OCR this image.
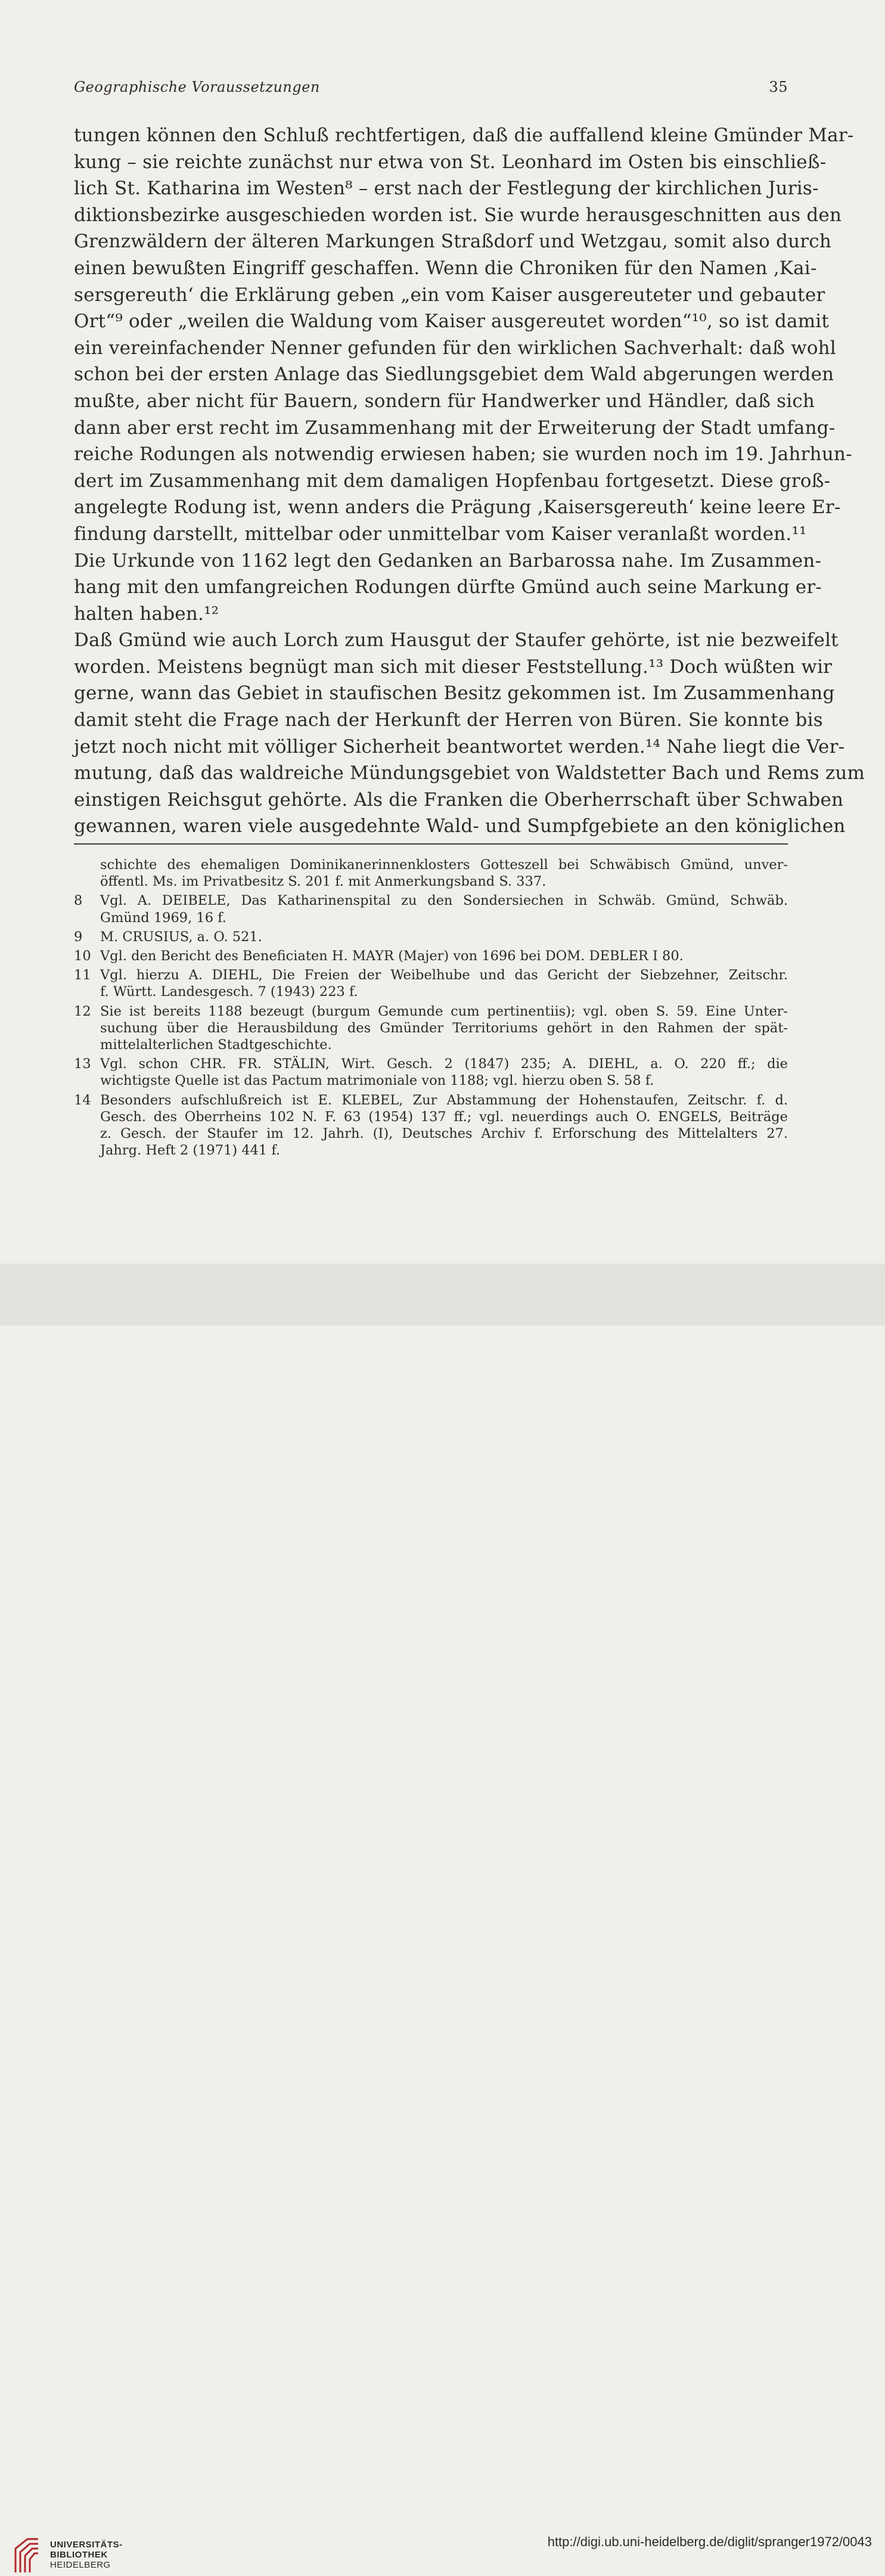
Geographische Voraussetzungen	35
tungen können den Schluß rechtfertigen, daß die auffallend kleine Gmünder Mar-
kung – sie reichte zunächst nur etwa von St. Leonhard im Osten bis einschließ-
lich St. Katharina im Westen⁸ – erst nach der Festlegung der kirchlichen Juris-
diktionsbezirke ausgeschieden worden ist. Sie wurde herausgeschnitten aus den
Grenzwäldern der älteren Markungen Straßdorf und Wetzgau, somit also durch
einen bewußten Eingriff geschaffen. Wenn die Chroniken für den Namen ‚Kai-
sersgereuth‘ die Erklärung geben „ein vom Kaiser ausgereuteter und gebauter
Ort“⁹ oder „weilen die Waldung vom Kaiser ausgereutet worden“¹⁰, so ist damit
ein vereinfachender Nenner gefunden für den wirklichen Sachverhalt: daß wohl
schon bei der ersten Anlage das Siedlungsgebiet dem Wald abgerungen werden
mußte, aber nicht für Bauern, sondern für Handwerker und Händler, daß sich
dann aber erst recht im Zusammenhang mit der Erweiterung der Stadt umfang-
reiche Rodungen als notwendig erwiesen haben; sie wurden noch im 19. Jahrhun-
dert im Zusammenhang mit dem damaligen Hopfenbau fortgesetzt. Diese groß-
angelegte Rodung ist, wenn anders die Prägung ‚Kaisersgereuth‘ keine leere Er-
findung darstellt, mittelbar oder unmittelbar vom Kaiser veranlaßt worden.¹¹
Die Urkunde von 1162 legt den Gedanken an Barbarossa nahe. Im Zusammen-
hang mit den umfangreichen Rodungen dürfte Gmünd auch seine Markung er-
halten haben.¹²
Daß Gmünd wie auch Lorch zum Hausgut der Staufer gehörte, ist nie bezweifelt
worden. Meistens begnügt man sich mit dieser Feststellung.¹³ Doch wüßten wir
gerne, wann das Gebiet in staufischen Besitz gekommen ist. Im Zusammenhang
damit steht die Frage nach der Herkunft der Herren von Büren. Sie konnte bis
jetzt noch nicht mit völliger Sicherheit beantwortet werden.¹⁴ Nahe liegt die Ver-
mutung, daß das waldreiche Mündungsgebiet von Waldstetter Bach und Rems zum
einstigen Reichsgut gehörte. Als die Franken die Oberherrschaft über Schwaben
gewannen, waren viele ausgedehnte Wald- und Sumpfgebiete an den königlichen
schichte des ehemaligen Dominikanerinnenklosters Gotteszell bei Schwäbisch Gmünd, unver-
öffentl. Ms. im Privatbesitz S. 201 f. mit Anmerkungsband S. 337.
8 Vgl. A. DEIBELE, Das Katharinenspital zu den Sondersiechen in Schwäb. Gmünd, Schwäb.
Gmünd 1969, 16 f.
9 M. CRUSIUS, a. O. 521.
10 Vgl. den Bericht des Beneficiaten H. MAYR (Majer) von 1696 bei DOM. DEBLER I 80.
11 Vgl. hierzu A. DIEHL, Die Freien der Weibelhube und das Gericht der Siebzehner, Zeitschr.
f. Württ. Landesgesch. 7 (1943) 223 f.
12 Sie ist bereits 1188 bezeugt (burgum Gemunde cum pertinentiis); vgl. oben S. 59. Eine Unter-
suchung über die Herausbildung des Gmünder Territoriums gehört in den Rahmen der spät-
mittelalterlichen Stadtgeschichte.
13 Vgl. schon CHR. FR. STÄLIN, Wirt. Gesch. 2 (1847) 235; A. DIEHL, a. O. 220 ff.; die
wichtigste Quelle ist das Pactum matrimoniale von 1188; vgl. hierzu oben S. 58 f.
14 Besonders aufschlußreich ist E. KLEBEL, Zur Abstammung der Hohenstaufen, Zeitschr. f. d.
Gesch. des Oberrheins 102 N. F. 63 (1954) 137 ff.; vgl. neuerdings auch O. ENGELS, Beiträge
z. Gesch. der Staufer im 12. Jahrh. (I), Deutsches Archiv f. Erforschung des Mittelalters 27.
Jahrg. Heft 2 (1971) 441 f.
UNIVERSITÄTS-
BIBLIOTHEK
HEIDELBERG
http://digi.ub.uni-heidelberg.de/diglit/spranger1972/0043
